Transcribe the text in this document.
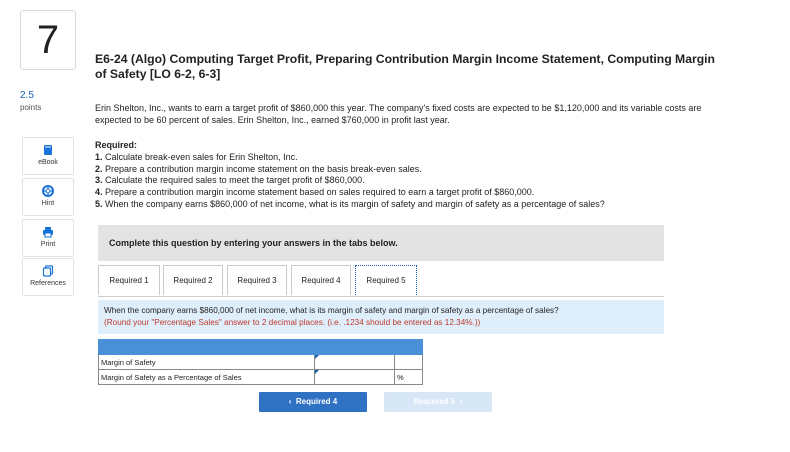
7
2.5
points
eBook
Hint
Print
References
E6-24 (Algo) Computing Target Profit, Preparing Contribution Margin Income Statement, Computing Margin of Safety [LO 6-2, 6-3]
Erin Shelton, Inc., wants to earn a target profit of $860,000 this year. The company's fixed costs are expected to be $1,120,000 and its variable costs are expected to be 60 percent of sales. Erin Shelton, Inc., earned $760,000 in profit last year.
Required:
1. Calculate break-even sales for Erin Shelton, Inc.
2. Prepare a contribution margin income statement on the basis break-even sales.
3. Calculate the required sales to meet the target profit of $860,000.
4. Prepare a contribution margin income statement based on sales required to earn a target profit of $860,000.
5. When the company earns $860,000 of net income, what is its margin of safety and margin of safety as a percentage of sales?
Complete this question by entering your answers in the tabs below.
Required 1	Required 2	Required 3	Required 4	Required 5
When the company earns $860,000 of net income, what is its margin of safety and margin of safety as a percentage of sales?
(Round your "Percentage Sales" answer to 2 decimal places. (i.e. .1234 should be entered as 12.34%.))

Margin of Safety	

Margin of Safety as a Percentage of Sales		%
‹ Required 4	Required 5 ›
